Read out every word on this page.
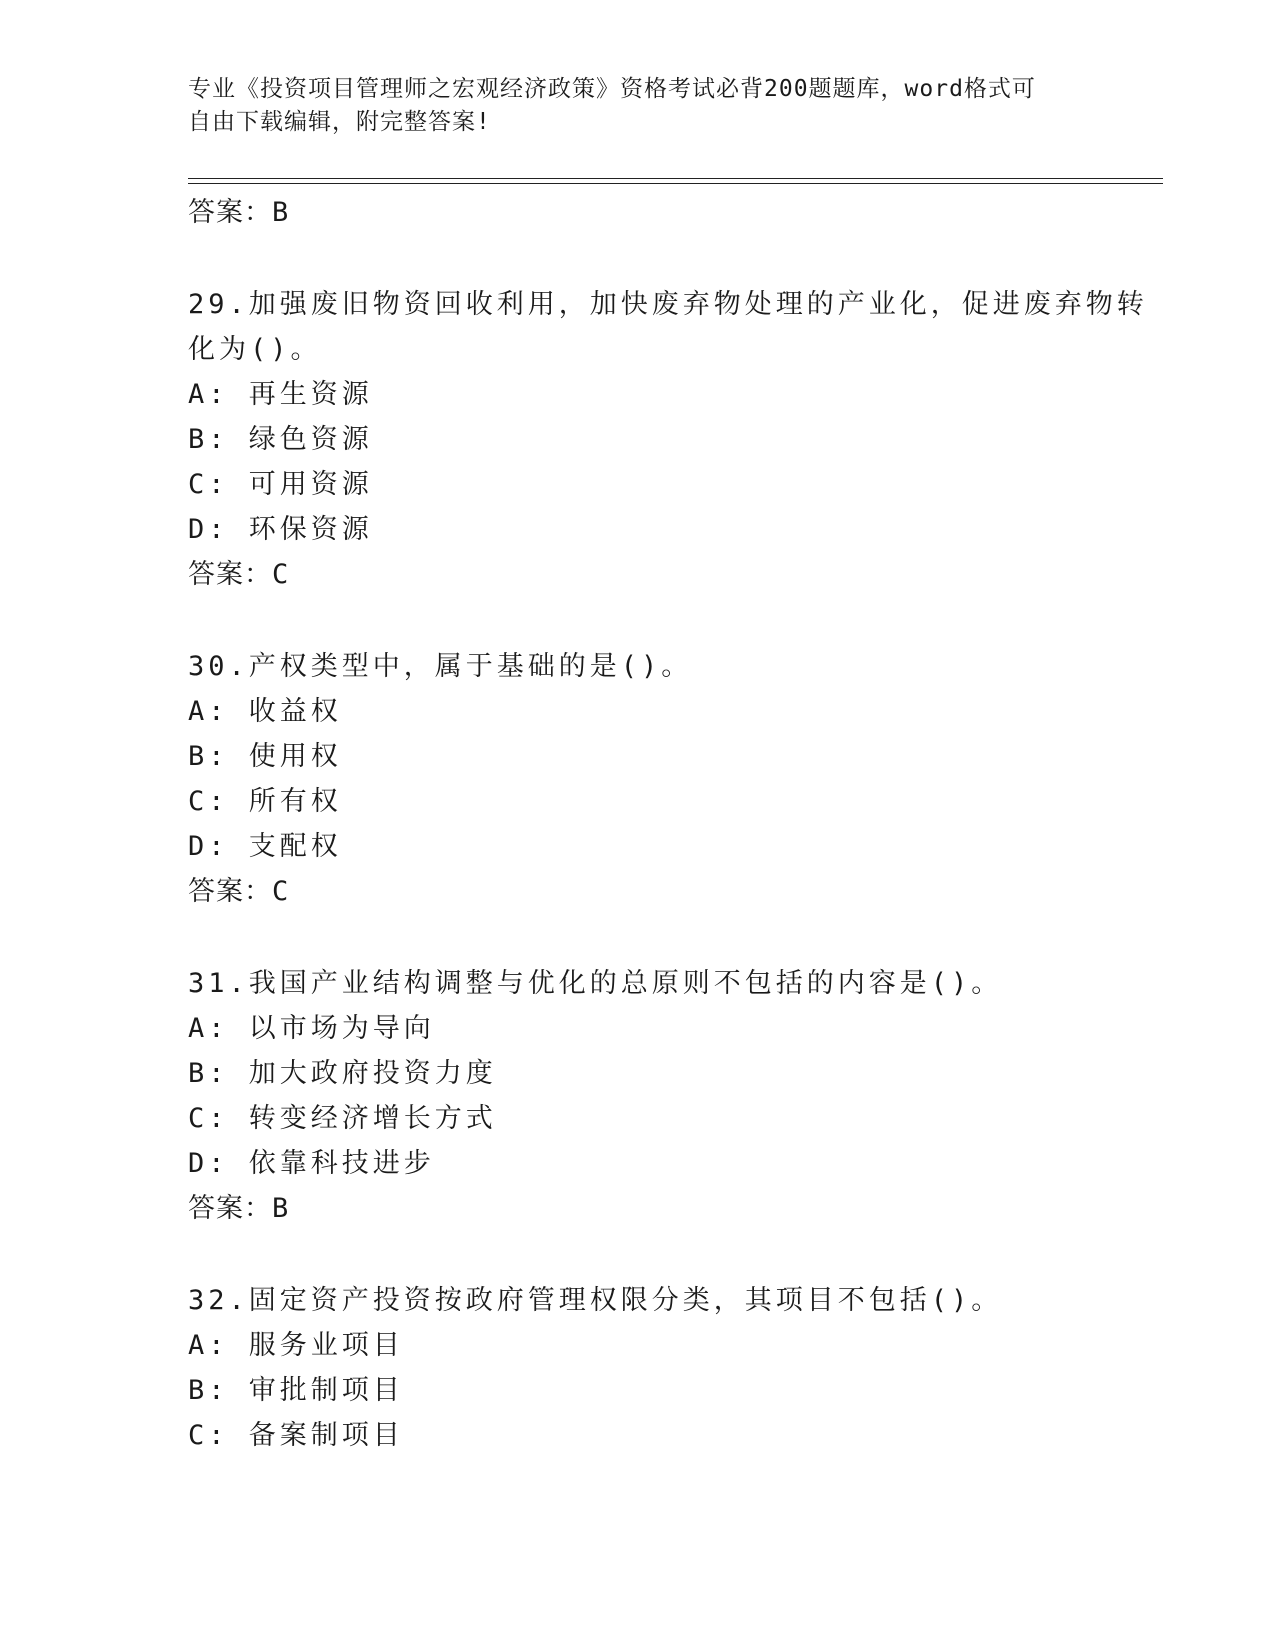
专业《投资项目管理师之宏观经济政策》资格考试必背200题题库，word格式可
自由下载编辑，附完整答案!
答案：B
29.加强废旧物资回收利用，加快废弃物处理的产业化，促进废弃物转
化为()。
A: 再生资源
B: 绿色资源
C: 可用资源
D: 环保资源
答案：C
30.产权类型中，属于基础的是()。
A: 收益权
B: 使用权
C: 所有权
D: 支配权
答案：C
31.我国产业结构调整与优化的总原则不包括的内容是()。
A: 以市场为导向
B: 加大政府投资力度
C: 转变经济增长方式
D: 依靠科技进步
答案：B
32.固定资产投资按政府管理权限分类，其项目不包括()。
A: 服务业项目
B: 审批制项目
C: 备案制项目
